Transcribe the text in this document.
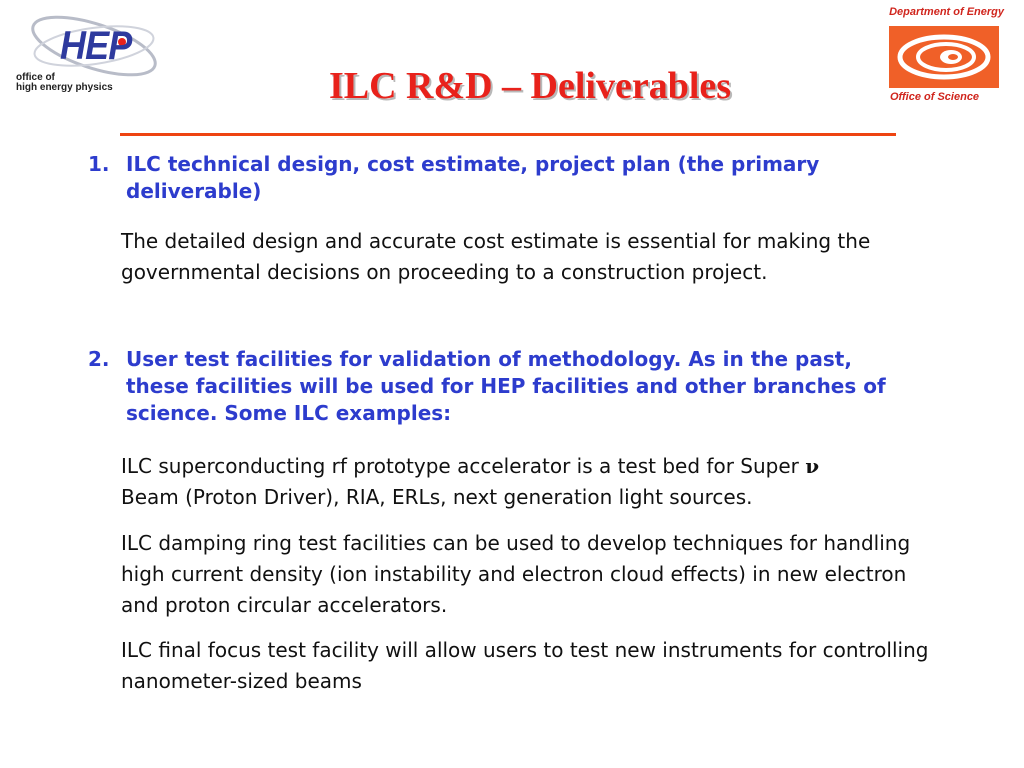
HEP
office of
high energy physics
Department of Energy
Office of Science
ILC R&D – Deliverables
1. ILC technical design, cost estimate, project plan (the primary deliverable)
The detailed design and accurate cost estimate is essential for making the governmental decisions on proceeding to a construction project.
2. User test facilities for validation of methodology. As in the past, these facilities will be used for HEP facilities and other branches of science. Some ILC examples:
ILC superconducting rf prototype accelerator is a test bed for Super ν
Beam (Proton Driver), RIA, ERLs, next generation light sources.
ILC damping ring test facilities can be used to develop techniques for handling high current density (ion instability and electron cloud effects) in new electron and proton circular accelerators.
ILC final focus test facility will allow users to test new instruments for controlling nanometer-sized beams
